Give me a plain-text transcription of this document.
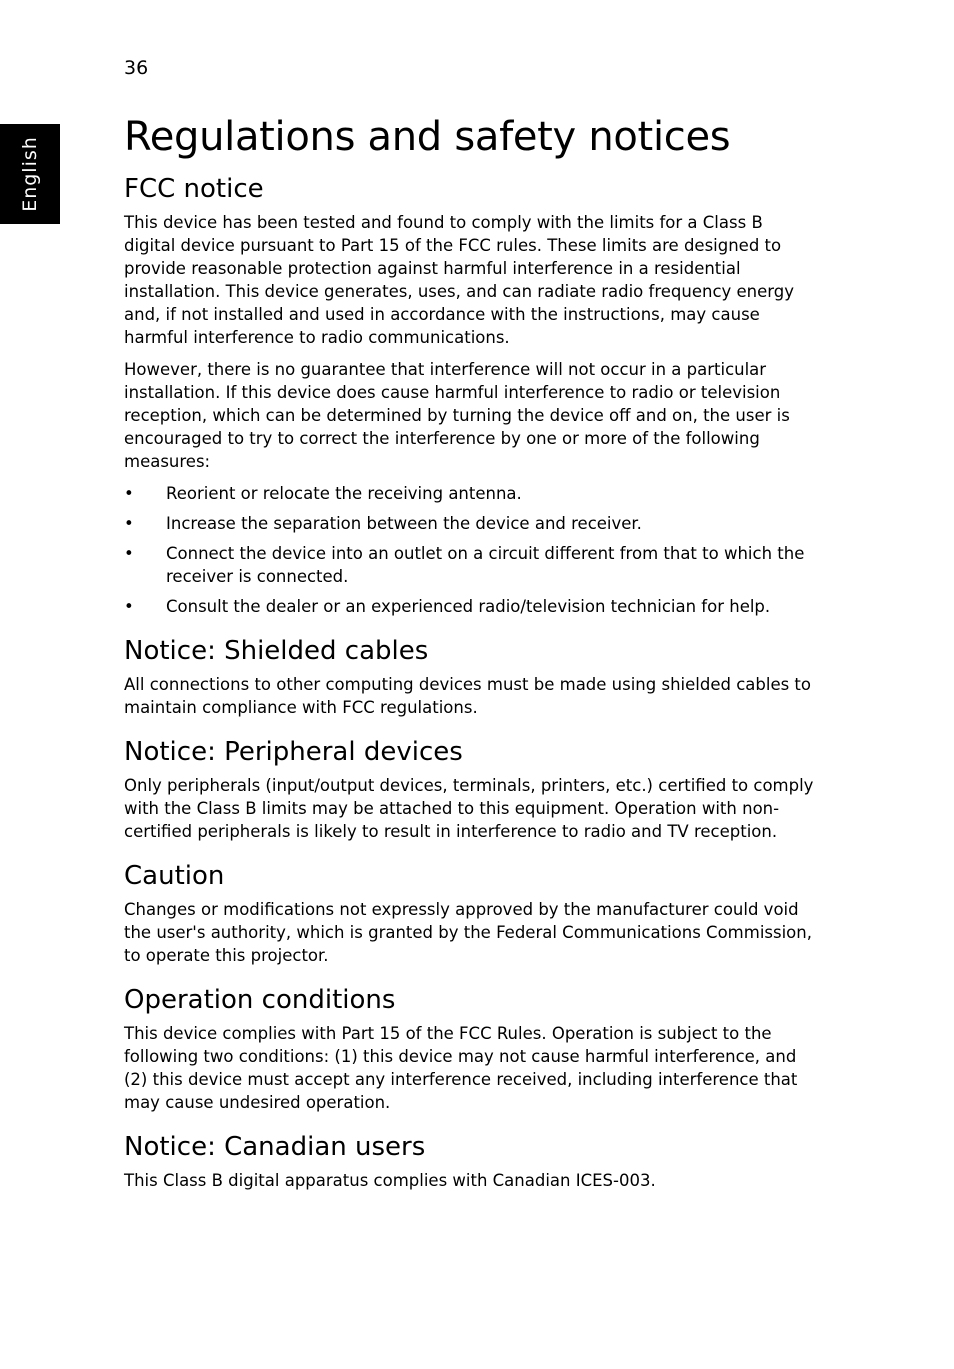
36
English Regulations and safety notices
FCC notice

This device has been tested and found to comply with the limits for a Class B digital device pursuant to Part 15 of the FCC rules. These limits are designed to provide reasonable protection against harmful interference in a residential installation. This device generates, uses, and can radiate radio frequency energy and, if not installed and used in accordance with the instructions, may cause harmful interference to radio communications.

However, there is no guarantee that interference will not occur in a particular installation. If this device does cause harmful interference to radio or television reception, which can be determined by turning the device off and on, the user is encouraged to try to correct the interference by one or more of the following measures:

• Reorient or relocate the receiving antenna.
• Increase the separation between the device and receiver.
• Connect the device into an outlet on a circuit different from that to which the receiver is connected.
• Consult the dealer or an experienced radio/television technician for help.
Notice: Shielded cables

All connections to other computing devices must be made using shielded cables to maintain compliance with FCC regulations.

Notice: Peripheral devices

Only peripherals (input/output devices, terminals, printers, etc.) certified to comply with the Class B limits may be attached to this equipment. Operation with non-certified peripherals is likely to result in interference to radio and TV reception.

Caution

Changes or modifications not expressly approved by the manufacturer could void the user's authority, which is granted by the Federal Communications Commission, to operate this projector.

Operation conditions

This device complies with Part 15 of the FCC Rules. Operation is subject to the following two conditions: (1) this device may not cause harmful interference, and (2) this device must accept any interference received, including interference that may cause undesired operation.

Notice: Canadian users

This Class B digital apparatus complies with Canadian ICES-003.
